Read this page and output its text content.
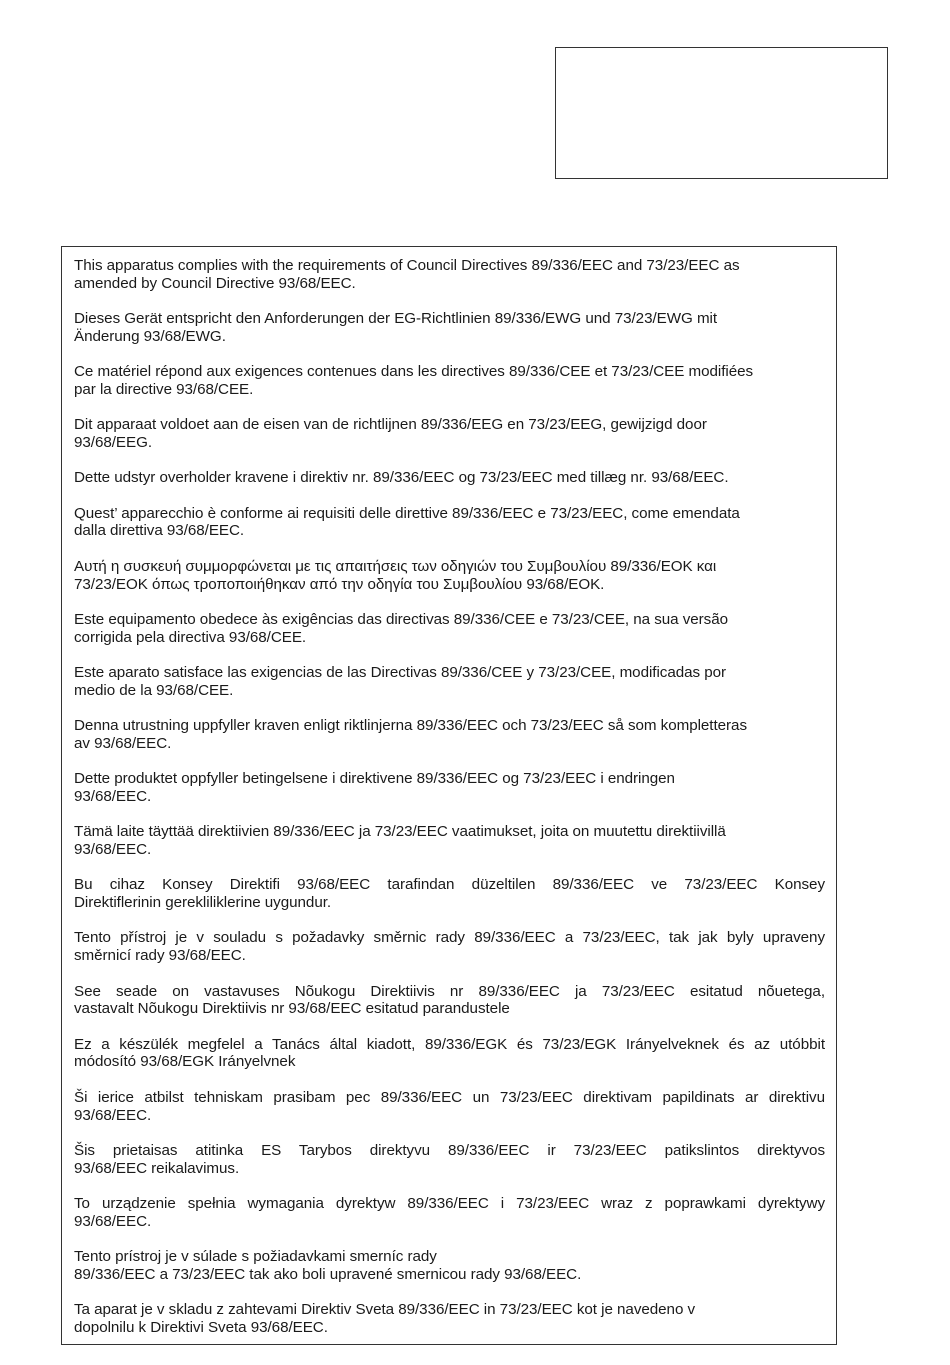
This apparatus complies with the requirements of Council Directives 89/336/EEC and 73/23/EEC as
amended by Council Directive 93/68/EEC.
Dieses Gerät entspricht den Anforderungen der EG-Richtlinien 89/336/EWG und 73/23/EWG mit
Änderung 93/68/EWG.
Ce matériel répond aux exigences contenues dans les directives 89/336/CEE et 73/23/CEE modifiées
par la directive 93/68/CEE.
Dit apparaat voldoet aan de eisen van de richtlijnen 89/336/EEG en 73/23/EEG, gewijzigd door
93/68/EEG.
Dette udstyr overholder kravene i direktiv nr. 89/336/EEC og 73/23/EEC med tillæg nr. 93/68/EEC.
Quest’ apparecchio è conforme ai requisiti delle direttive 89/336/EEC e 73/23/EEC, come emendata
dalla direttiva 93/68/EEC.
Αυτή η συσκευή συμμορφώνεται με τις απαιτήσεις των οδηγιών του Συμβουλίου 89/336/ΕΟΚ και
73/23/ΕΟΚ όπως τροποποιήθηκαν από την οδηγία του Συμβουλίου 93/68/ΕΟΚ.
Este equipamento obedece às exigências das directivas 89/336/CEE e 73/23/CEE, na sua versão
corrigida pela directiva 93/68/CEE.
Este aparato satisface las exigencias de las Directivas 89/336/CEE y 73/23/CEE, modificadas por
medio de la 93/68/CEE.
Denna utrustning uppfyller kraven enligt riktlinjerna 89/336/EEC och 73/23/EEC så som kompletteras
av 93/68/EEC.
Dette produktet oppfyller betingelsene i direktivene 89/336/EEC og 73/23/EEC i endringen
93/68/EEC.
Tämä laite täyttää direktiivien 89/336/EEC ja 73/23/EEC vaatimukset, joita on muutettu direktiivillä
93/68/EEC.
Bu cihaz Konsey Direktifi 93/68/EEC tarafindan düzeltilen 89/336/EEC ve 73/23/EEC Konsey
Direktiflerinin gerekliliklerine uygundur.
Tento přístroj je v souladu s požadavky směrnic rady 89/336/EEC a 73/23/EEC, tak jak byly upraveny
směrnicí rady 93/68/EEC.
See seade on vastavuses Nõukogu Direktiivis nr 89/336/EEC ja 73/23/EEC esitatud nõuetega,
vastavalt Nõukogu Direktiivis nr 93/68/EEC esitatud parandustele
Ez a készülék megfelel a Tanács által kiadott, 89/336/EGK és 73/23/EGK Irányelveknek és az utóbbit
módosító 93/68/EGK Irányelvnek
Ši ierice atbilst tehniskam prasibam pec 89/336/EEC un 73/23/EEC direktivam papildinats ar direktivu
93/68/EEC.
Šis prietaisas atitinka ES Tarybos direktyvu 89/336/EEC ir 73/23/EEC patikslintos direktyvos
93/68/EEC reikalavimus.
To urządzenie spełnia wymagania dyrektyw 89/336/EEC i 73/23/EEC wraz z poprawkami dyrektywy
93/68/EEC.
Tento prístroj je v súlade s požiadavkami smerníc rady
89/336/EEC a 73/23/EEC tak ako boli upravené smernicou rady 93/68/EEC.
Ta aparat je v skladu z zahtevami Direktiv Sveta 89/336/EEC in 73/23/EEC kot je navedeno v
dopolnilu k Direktivi Sveta 93/68/EEC.
